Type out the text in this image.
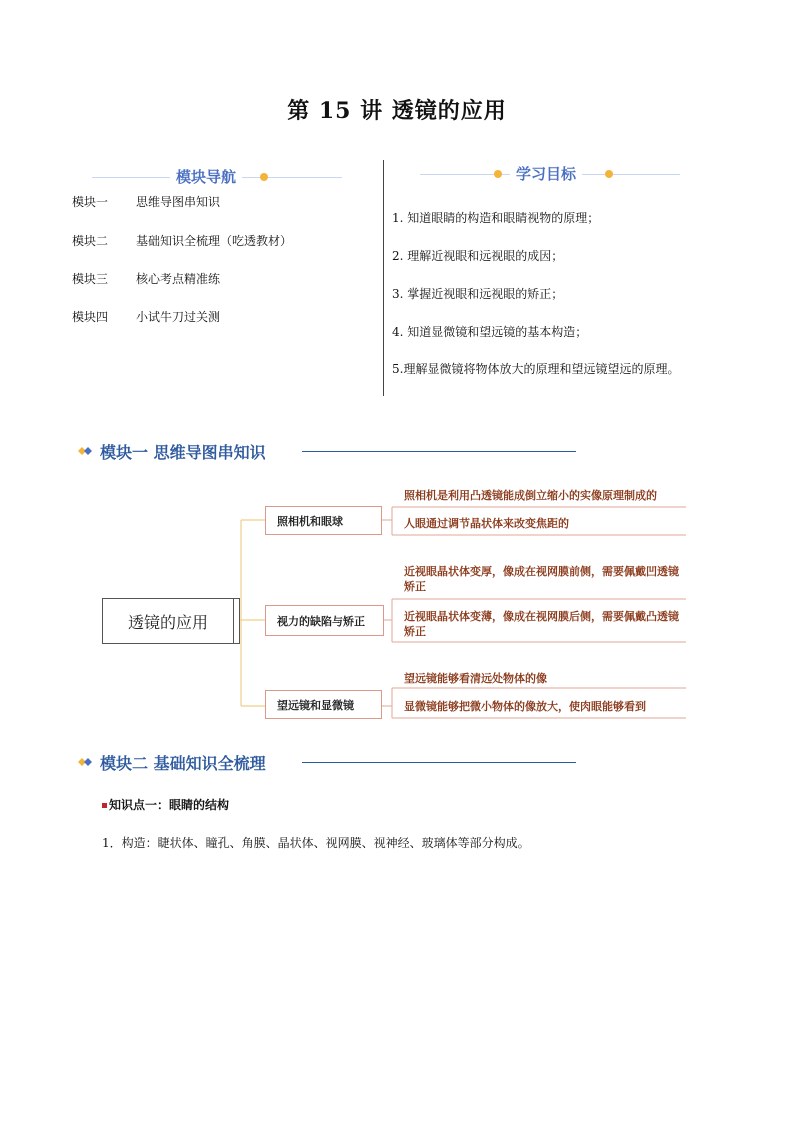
第 15 讲 透镜的应用
模块导航
模块一 思维导图串知识
模块二 基础知识全梳理（吃透教材）
模块三 核心考点精准练
模块四 小试牛刀过关测
学习目标
1. 知道眼睛的构造和眼睛视物的原理；
2. 理解近视眼和远视眼的成因；
3. 掌握近视眼和远视眼的矫正；
4. 知道显微镜和望远镜的基本构造；
5.理解显微镜将物体放大的原理和望远镜望远的原理。
模块一 思维导图串知识
透镜的应用
照相机和眼球
视力的缺陷与矫正
望远镜和显微镜
照相机是利用凸透镜能成倒立缩小的实像原理制成的
人眼通过调节晶状体来改变焦距的
近视眼晶状体变厚，像成在视网膜前侧，需要佩戴凹透镜矫正
近视眼晶状体变薄，像成在视网膜后侧，需要佩戴凸透镜矫正
望远镜能够看清远处物体的像
显微镜能够把微小物体的像放大，使肉眼能够看到
模块二 基础知识全梳理
知识点一：眼睛的结构
1．构造：睫状体、瞳孔、角膜、晶状体、视网膜、视神经、玻璃体等部分构成。
